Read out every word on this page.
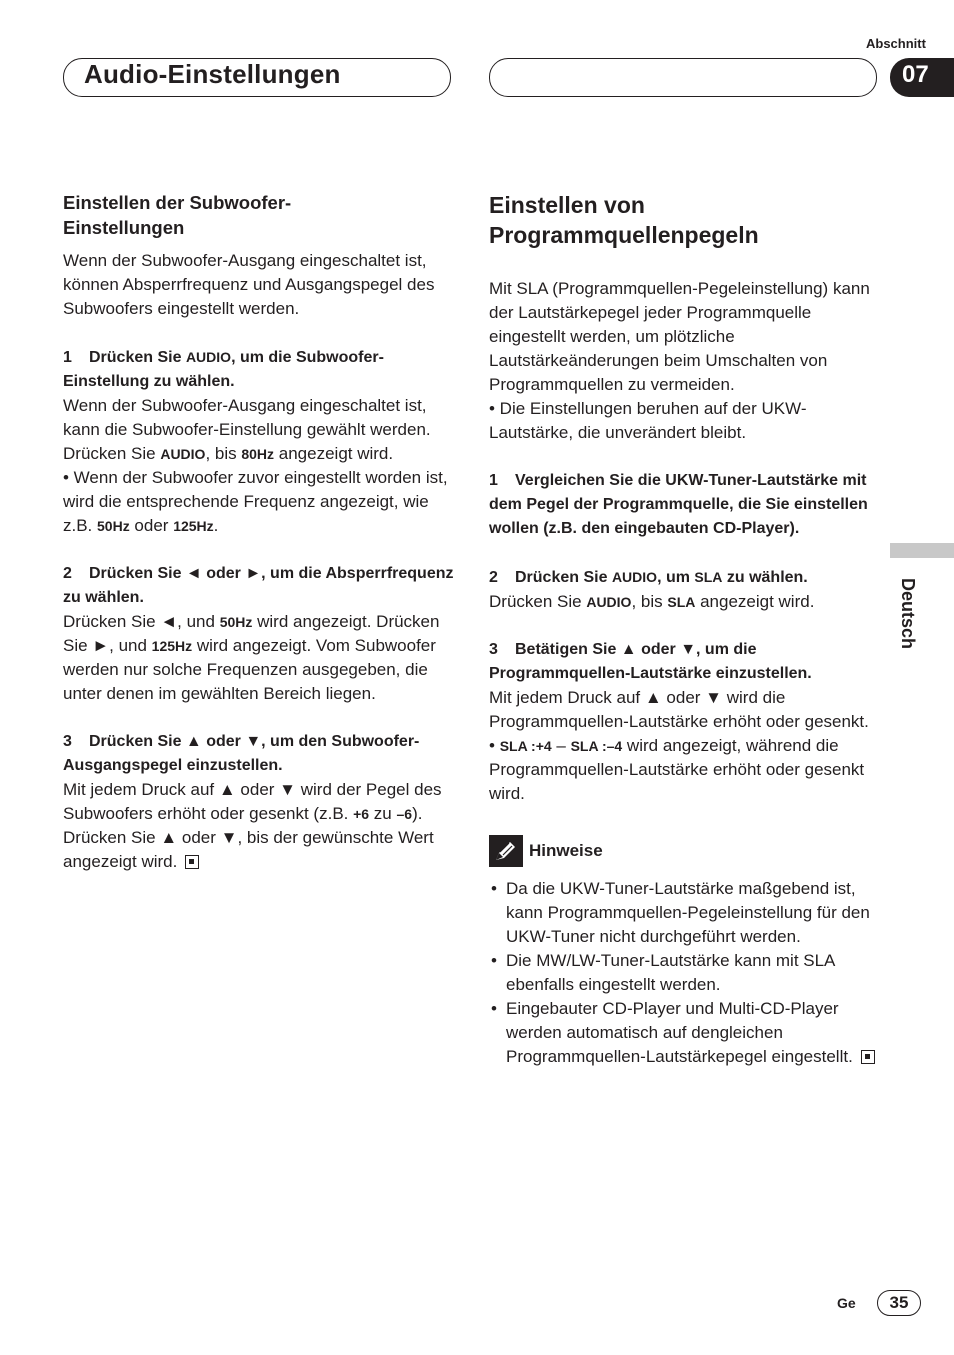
Abschnitt
Audio-Einstellungen	07
Einstellen der Subwoofer-
Einstellungen

Wenn der Subwoofer-Ausgang eingeschaltet ist, können Absperrfrequenz und Ausgangspegel des Subwoofers eingestellt werden.

1 Drücken Sie AUDIO, um die Subwoofer-Einstellung zu wählen.

Wenn der Subwoofer-Ausgang eingeschaltet ist, kann die Subwoofer-Einstellung gewählt werden. Drücken Sie AUDIO, bis 80Hz angezeigt wird.

• Wenn der Subwoofer zuvor eingestellt worden ist, wird die entsprechende Frequenz angezeigt, wie z.B. 50Hz oder 125Hz.

2 Drücken Sie ◄ oder ►, um die Absperrfrequenz zu wählen.

Drücken Sie ◄, und 50Hz wird angezeigt. Drücken Sie ►, und 125Hz wird angezeigt. Vom Subwoofer werden nur solche Frequenzen ausgegeben, die unter denen im gewählten Bereich liegen.

3 Drücken Sie ▲ oder ▼, um den Subwoofer-Ausgangspegel einzustellen.

Mit jedem Druck auf ▲ oder ▼ wird der Pegel des Subwoofers erhöht oder gesenkt (z.B. +6 zu –6).

Drücken Sie ▲ oder ▼, bis der gewünschte Wert angezeigt wird.

Einstellen von
Programmquellenpegeln

Mit SLA (Programmquellen-Pegeleinstellung) kann der Lautstärkepegel jeder Programmquelle eingestellt werden, um plötzliche Lautstärkeänderungen beim Umschalten von Programmquellen zu vermeiden.

• Die Einstellungen beruhen auf der UKW-Lautstärke, die unverändert bleibt.

1 Vergleichen Sie die UKW-Tuner-Lautstärke mit dem Pegel der Programmquelle, die Sie einstellen wollen (z.B. den eingebauten CD-Player).

2 Drücken Sie AUDIO, um SLA zu wählen.

Drücken Sie AUDIO, bis SLA angezeigt wird.

3 Betätigen Sie ▲ oder ▼, um die Programmquellen-Lautstärke einzustellen.

Mit jedem Druck auf ▲ oder ▼ wird die Programmquellen-Lautstärke erhöht oder gesenkt.

• SLA :+4 – SLA :–4 wird angezeigt, während die Programmquellen-Lautstärke erhöht oder gesenkt wird.

Hinweise
• Da die UKW-Tuner-Lautstärke maßgebend ist, kann Programmquellen-Pegeleinstellung für den UKW-Tuner nicht durchgeführt werden.
• Die MW/LW-Tuner-Lautstärke kann mit SLA ebenfalls eingestellt werden.
• Eingebauter CD-Player und Multi-CD-Player werden automatisch auf dengleichen Programmquellen-Lautstärkepegel eingestellt.
Deutsch
Ge	35
